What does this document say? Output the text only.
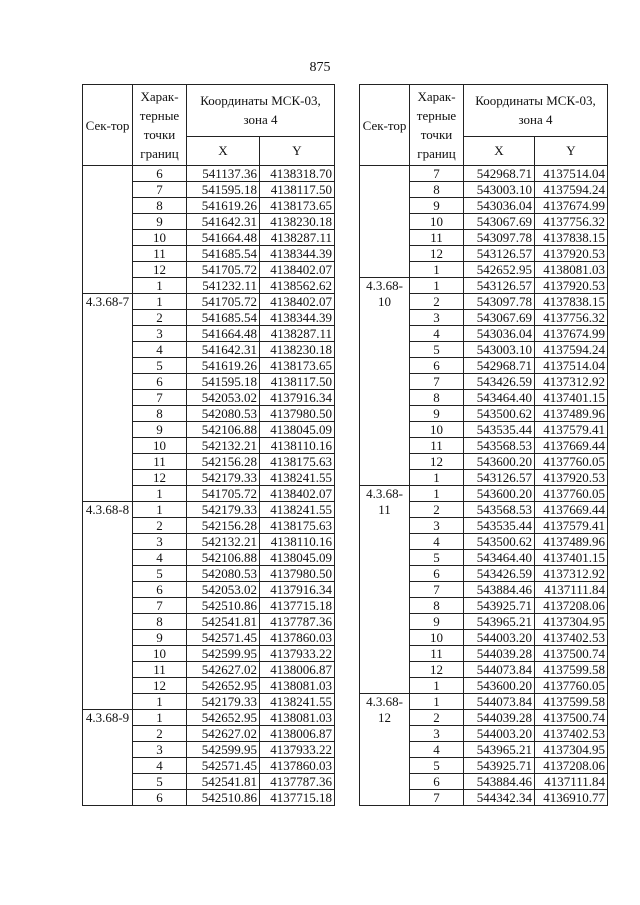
875
Сек-тор	Харак-терные точки границ	Координаты МСК-03, зона 4	
		X	Y
	6	541137.36	4138318.70
	7	541595.18	4138117.50
	8	541619.26	4138173.65
	9	541642.31	4138230.18
	10	541664.48	4138287.11
	11	541685.54	4138344.39
	12	541705.72	4138402.07
	1	541232.11	4138562.62
4.3.68-7	1	541705.72	4138402.07
	2	541685.54	4138344.39
	3	541664.48	4138287.11
	4	541642.31	4138230.18
	5	541619.26	4138173.65
	6	541595.18	4138117.50
	7	542053.02	4137916.34
	8	542080.53	4137980.50
	9	542106.88	4138045.09
	10	542132.21	4138110.16
	11	542156.28	4138175.63
	12	542179.33	4138241.55
	1	541705.72	4138402.07
4.3.68-8	1	542179.33	4138241.55
	2	542156.28	4138175.63
	3	542132.21	4138110.16
	4	542106.88	4138045.09
	5	542080.53	4137980.50
	6	542053.02	4137916.34
	7	542510.86	4137715.18
	8	542541.81	4137787.36
	9	542571.45	4137860.03
	10	542599.95	4137933.22
	11	542627.02	4138006.87
	12	542652.95	4138081.03
	1	542179.33	4138241.55
4.3.68-9	1	542652.95	4138081.03
	2	542627.02	4138006.87
	3	542599.95	4137933.22
	4	542571.45	4137860.03
	5	542541.81	4137787.36
	6	542510.86	4137715.18
Сек-тор	Харак-терные точки границ	Координаты МСК-03, зона 4	
		X	Y
	7	542968.71	4137514.04
	8	543003.10	4137594.24
	9	543036.04	4137674.99
	10	543067.69	4137756.32
	11	543097.78	4137838.15
	12	543126.57	4137920.53
	1	542652.95	4138081.03
4.3.68-10	1	543126.57	4137920.53
	2	543097.78	4137838.15
	3	543067.69	4137756.32
	4	543036.04	4137674.99
	5	543003.10	4137594.24
	6	542968.71	4137514.04
	7	543426.59	4137312.92
	8	543464.40	4137401.15
	9	543500.62	4137489.96
	10	543535.44	4137579.41
	11	543568.53	4137669.44
	12	543600.20	4137760.05
	1	543126.57	4137920.53
4.3.68-11	1	543600.20	4137760.05
	2	543568.53	4137669.44
	3	543535.44	4137579.41
	4	543500.62	4137489.96
	5	543464.40	4137401.15
	6	543426.59	4137312.92
	7	543884.46	4137111.84
	8	543925.71	4137208.06
	9	543965.21	4137304.95
	10	544003.20	4137402.53
	11	544039.28	4137500.74
	12	544073.84	4137599.58
	1	543600.20	4137760.05
4.3.68-12	1	544073.84	4137599.58
	2	544039.28	4137500.74
	3	544003.20	4137402.53
	4	543965.21	4137304.95
	5	543925.71	4137208.06
	6	543884.46	4137111.84
	7	544342.34	4136910.77
